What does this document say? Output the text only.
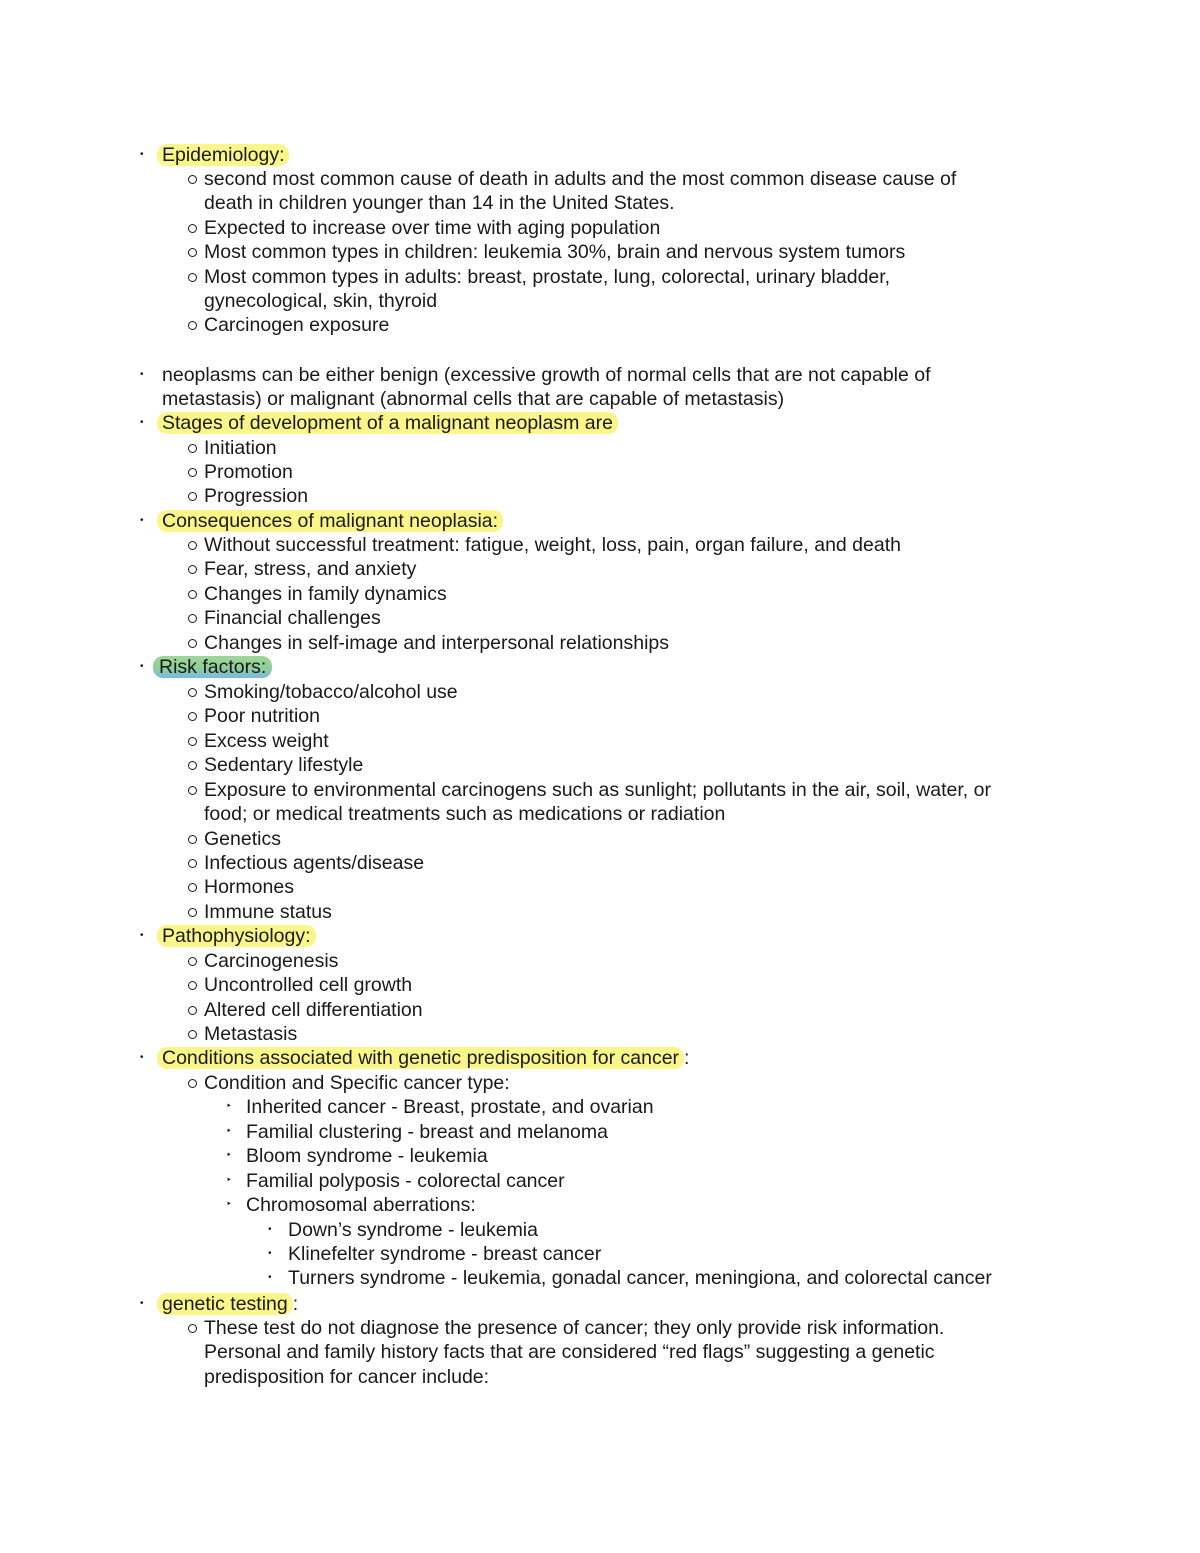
• Epidemiology:
second most common cause of death in adults and the most common disease cause of
death in children younger than 14 in the United States.
Expected to increase over time with aging population
Most common types in children: leukemia 30%, brain and nervous system tumors
Most common types in adults: breast, prostate, lung, colorectal, urinary bladder,
gynecological, skin, thyroid
Carcinogen exposure
• neoplasms can be either benign (excessive growth of normal cells that are not capable of
metastasis) or malignant (abnormal cells that are capable of metastasis)
• Stages of development of a malignant neoplasm are
Initiation
Promotion
Progression
• Consequences of malignant neoplasia:
Without successful treatment: fatigue, weight, loss, pain, organ failure, and death
Fear, stress, and anxiety
Changes in family dynamics
Financial challenges
Changes in self-image and interpersonal relationships
• Risk factors:
Smoking/tobacco/alcohol use
Poor nutrition
Excess weight
Sedentary lifestyle
Exposure to environmental carcinogens such as sunlight; pollutants in the air, soil, water, or
food; or medical treatments such as medications or radiation
Genetics
Infectious agents/disease
Hormones
Immune status
• Pathophysiology:
Carcinogenesis
Uncontrolled cell growth
Altered cell differentiation
Metastasis
• Conditions associated with genetic predisposition for cancer :
Condition and Specific cancer type:
‣ Inherited cancer - Breast, prostate, and ovarian
‣ Familial clustering - breast and melanoma
‣ Bloom syndrome - leukemia
‣ Familial polyposis - colorectal cancer
‣ Chromosomal aberrations:
• Down’s syndrome - leukemia
• Klinefelter syndrome - breast cancer
• Turners syndrome - leukemia, gonadal cancer, meningiona, and colorectal cancer
• genetic testing :
These test do not diagnose the presence of cancer; they only provide risk information.
Personal and family history facts that are considered “red flags” suggesting a genetic
predisposition for cancer include:
